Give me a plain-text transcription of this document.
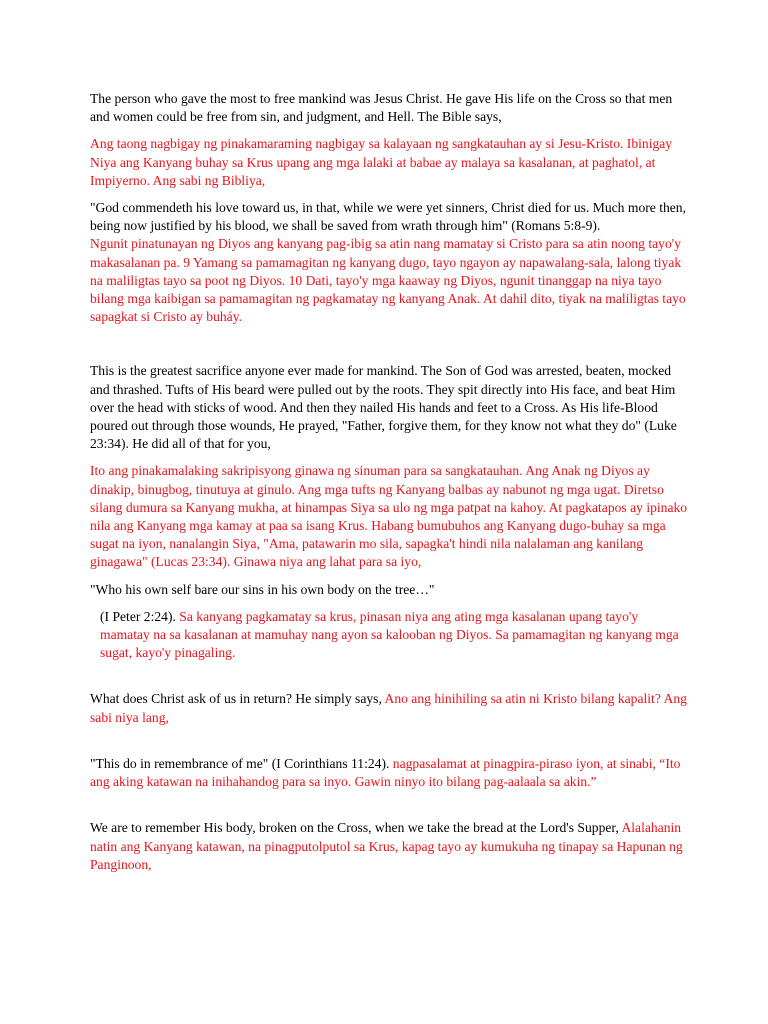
The person who gave the most to free mankind was Jesus Christ. He gave His life on the Cross so that men and women could be free from sin, and judgment, and Hell. The Bible says,

Ang taong nagbigay ng pinakamaraming nagbigay sa kalayaan ng sangkatauhan ay si Jesu-Kristo. Ibinigay Niya ang Kanyang buhay sa Krus upang ang mga lalaki at babae ay malaya sa kasalanan, at paghatol, at Impiyerno. Ang sabi ng Bibliya,

"God commendeth his love toward us, in that, while we were yet sinners, Christ died for us. Much more then, being now justified by his blood, we shall be saved from wrath through him" (Romans 5:8-9).

Ngunit pinatunayan ng Diyos ang kanyang pag-ibig sa atin nang mamatay si Cristo para sa atin noong tayo'y makasalanan pa. 9 Yamang sa pamamagitan ng kanyang dugo, tayo ngayon ay napawalang-sala, lalong tiyak na maliligtas tayo sa poot ng Diyos. 10 Dati, tayo'y mga kaaway ng Diyos, ngunit tinanggap na niya tayo bilang mga kaibigan sa pamamagitan ng pagkamatay ng kanyang Anak. At dahil dito, tiyak na maliligtas tayo sapagkat si Cristo ay buháy.

This is the greatest sacrifice anyone ever made for mankind. The Son of God was arrested, beaten, mocked and thrashed. Tufts of His beard were pulled out by the roots. They spit directly into His face, and beat Him over the head with sticks of wood. And then they nailed His hands and feet to a Cross. As His life-Blood poured out through those wounds, He prayed, "Father, forgive them, for they know not what they do" (Luke 23:34). He did all of that for you,

Ito ang pinakamalaking sakripisyong ginawa ng sinuman para sa sangkatauhan. Ang Anak ng Diyos ay dinakip, binugbog, tinutuya at ginulo. Ang mga tufts ng Kanyang balbas ay nabunot ng mga ugat. Diretso silang dumura sa Kanyang mukha, at hinampas Siya sa ulo ng mga patpat na kahoy. At pagkatapos ay ipinako nila ang Kanyang mga kamay at paa sa isang Krus. Habang bumubuhos ang Kanyang dugo-buhay sa mga sugat na iyon, nanalangin Siya, "Ama, patawarin mo sila, sapagka't hindi nila nalalaman ang kanilang ginagawa" (Lucas 23:34). Ginawa niya ang lahat para sa iyo,

"Who his own self bare our sins in his own body on the tree…"

(I Peter 2:24). Sa kanyang pagkamatay sa krus, pinasan niya ang ating mga kasalanan upang tayo'y mamatay na sa kasalanan at mamuhay nang ayon sa kalooban ng Diyos. Sa pamamagitan ng kanyang mga sugat, kayo'y pinagaling.

What does Christ ask of us in return? He simply says, Ano ang hinihiling sa atin ni Kristo bilang kapalit? Ang sabi niya lang,

"This do in remembrance of me" (I Corinthians 11:24). nagpasalamat at pinagpira-piraso iyon, at sinabi, “Ito ang aking katawan na inihahandog para sa inyo. Gawin ninyo ito bilang pag-aalaala sa akin.”

We are to remember His body, broken on the Cross, when we take the bread at the Lord's Supper, Alalahanin natin ang Kanyang katawan, na pinagputolputol sa Krus, kapag tayo ay kumukuha ng tinapay sa Hapunan ng Panginoon,
